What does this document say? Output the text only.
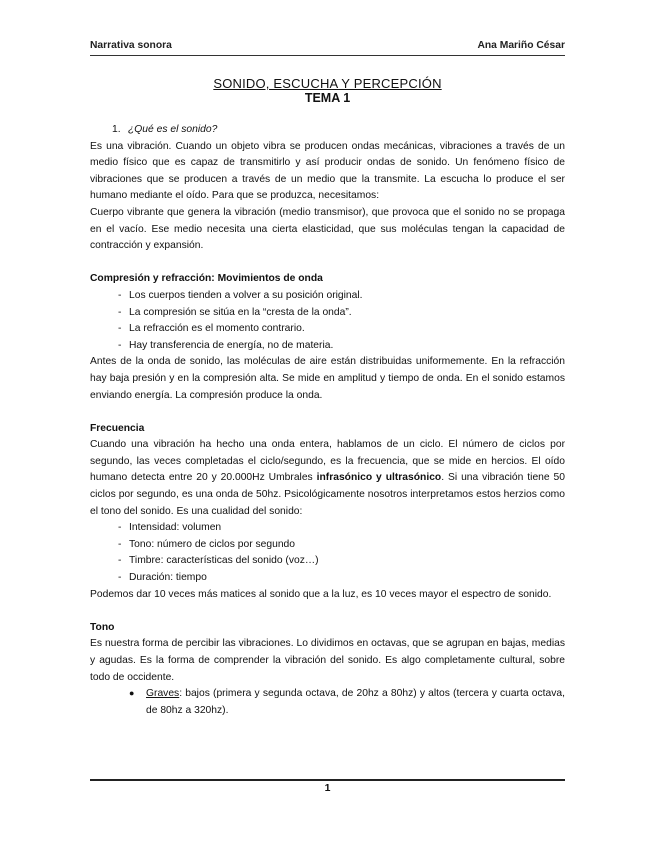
Narrativa sonora	Ana Mariño César
SONIDO, ESCUCHA Y PERCEPCIÓN
TEMA 1
1. ¿Qué es el sonido?

Es una vibración. Cuando un objeto vibra se producen ondas mecánicas, vibraciones a través de un medio físico que es capaz de transmitirlo y así producir ondas de sonido. Un fenómeno físico de vibraciones que se producen a través de un medio que la transmite. La escucha lo produce el ser humano mediante el oído. Para que se produzca, necesitamos:

Cuerpo vibrante que genera la vibración (medio transmisor), que provoca que el sonido no se propaga en el vacío. Ese medio necesita una cierta elasticidad, que sus moléculas tengan la capacidad de contracción y expansión.

Compresión y refracción: Movimientos de onda
- Los cuerpos tienden a volver a su posición original.
- La compresión se sitúa en la “cresta de la onda”.
- La refracción es el momento contrario.
- Hay transferencia de energía, no de materia.

Antes de la onda de sonido, las moléculas de aire están distribuidas uniformemente. En la refracción hay baja presión y en la compresión alta. Se mide en amplitud y tiempo de onda. En el sonido estamos enviando energía. La compresión produce la onda.

Frecuencia

Cuando una vibración ha hecho una onda entera, hablamos de un ciclo. El número de ciclos por segundo, las veces completadas el ciclo/segundo, es la frecuencia, que se mide en hercios. El oído humano detecta entre 20 y 20.000Hz Umbrales infrasónico y ultrasónico. Si una vibración tiene 50 ciclos por segundo, es una onda de 50hz. Psicológicamente nosotros interpretamos estos herzios como el tono del sonido. Es una cualidad del sonido:

- Intensidad: volumen
- Tono: número de ciclos por segundo
- Timbre: características del sonido (voz…)
- Duración: tiempo

Podemos dar 10 veces más matices al sonido que a la luz, es 10 veces mayor el espectro de sonido.

Tono

Es nuestra forma de percibir las vibraciones. Lo dividimos en octavas, que se agrupan en bajas, medias y agudas. Es la forma de comprender la vibración del sonido. Es algo completamente cultural, sobre todo de occidente.

● Graves: bajos (primera y segunda octava, de 20hz a 80hz) y altos (tercera y cuarta octava, de 80hz a 320hz).
1
